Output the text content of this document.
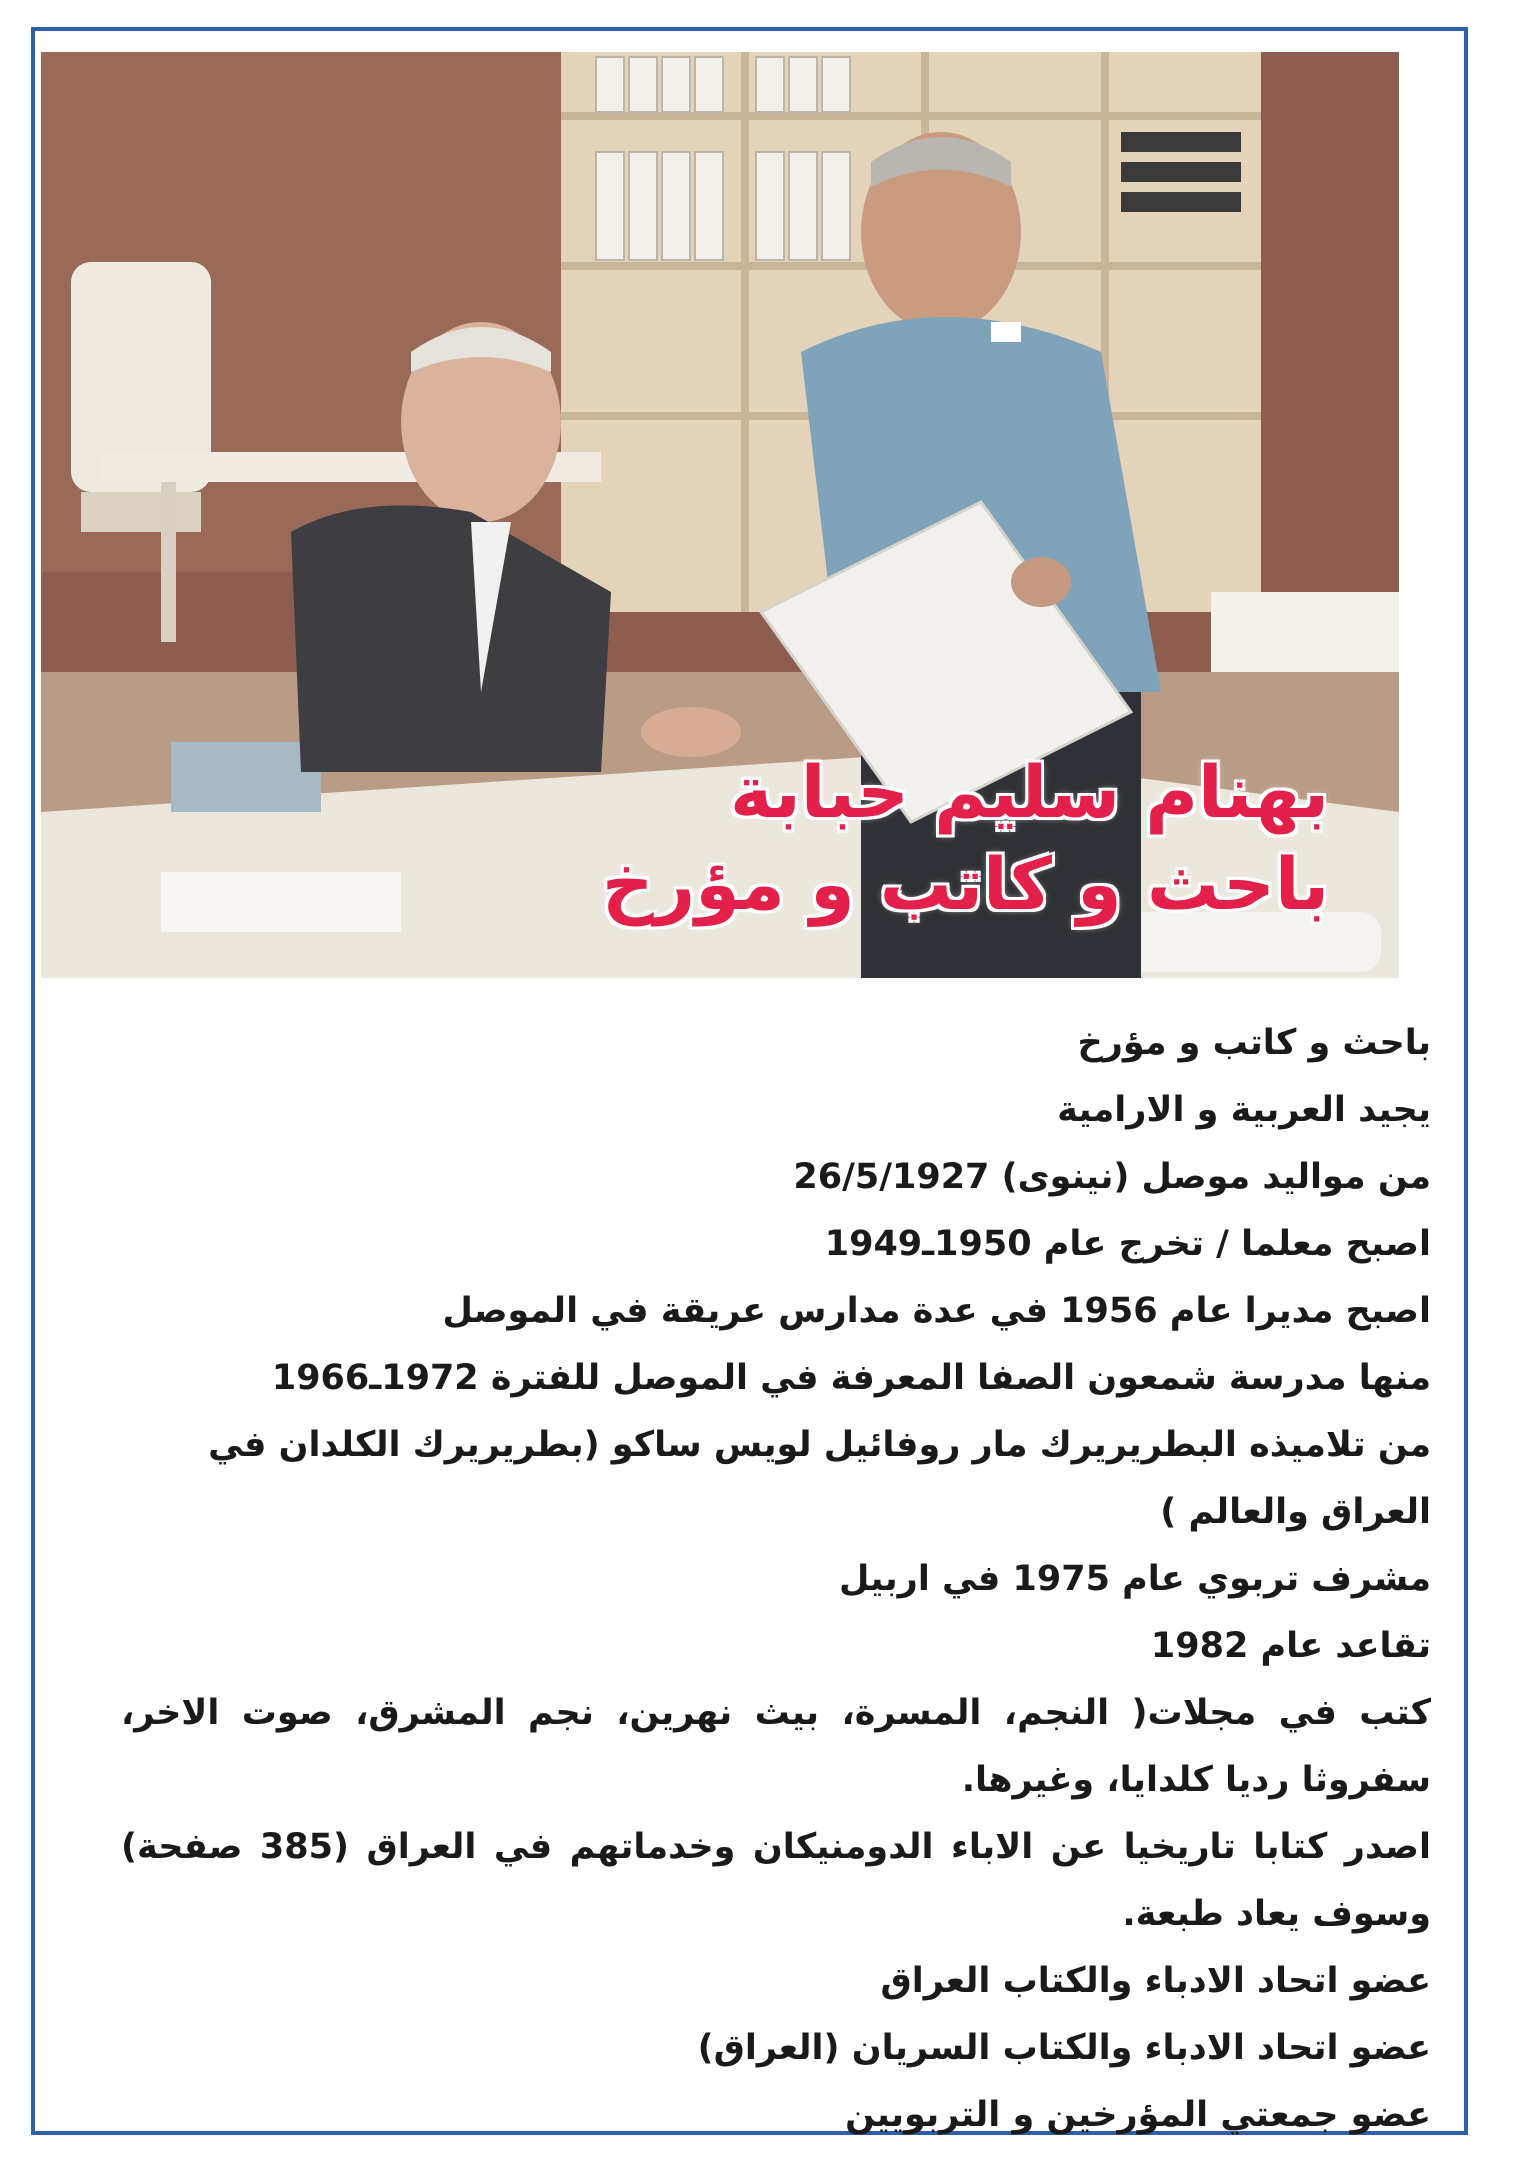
بهنام سليم حبابة
باحث و كاتب و مؤرخ
باحث و كاتب و مؤرخ
يجيد العربية و الارامية
من مواليد موصل (نينوى) 26/5/1927
اصبح معلما / تخرج عام 1950ـ1949
اصبح مديرا عام 1956 في عدة مدارس عريقة في الموصل
منها مدرسة شمعون الصفا المعرفة في الموصل للفترة 1972ـ1966
من تلاميذه البطريريرك مار روفائيل لويس ساكو (بطريريرك الكلدان في العراق والعالم )
مشرف تربوي عام 1975 في اربيل
تقاعد عام 1982
كتب في مجلات( النجم، المسرة، بيث نهرين، نجم المشرق، صوت الاخر، سفروثا رديا كلدايا، وغيرها.
اصدر كتابا تاريخيا عن الاباء الدومنيكان وخدماتهم في العراق (385 صفحة) وسوف يعاد طبعة.
عضو اتحاد الادباء والكتاب العراق
عضو اتحاد الادباء والكتاب السريان (العراق)
عضو جمعتي المؤرخين و التربويين
